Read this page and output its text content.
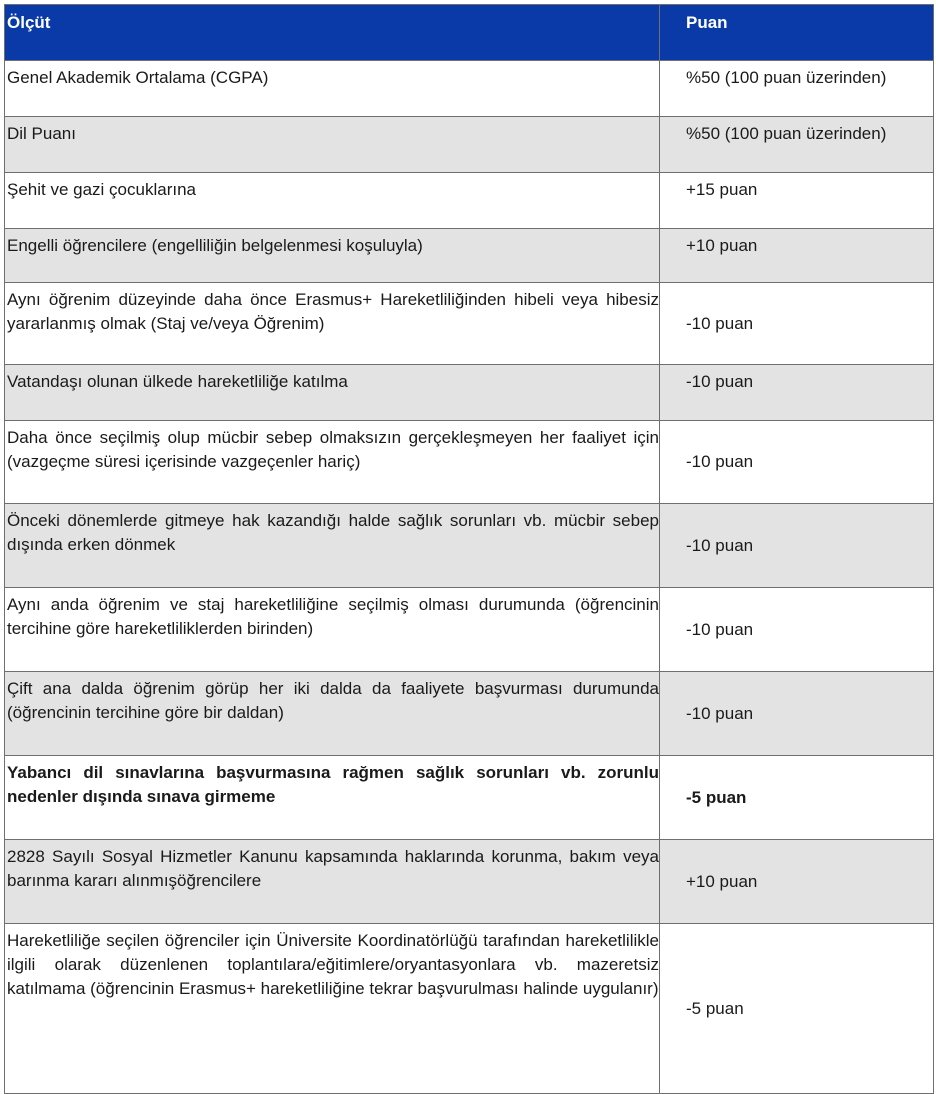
Ölçüt	Puan
Genel Akademik Ortalama (CGPA)	%50 (100 puan üzerinden)
Dil Puanı	%50 (100 puan üzerinden)
Şehit ve gazi çocuklarına	+15 puan
Engelli öğrencilere (engelliliğin belgelenmesi koşuluyla)	+10 puan
Aynı öğrenim düzeyinde daha önce Erasmus+ Hareketliliğinden hibeli veya hibesiz yararlanmış olmak (Staj ve/veya Öğrenim)	-10 puan
Vatandaşı olunan ülkede hareketliliğe katılma	-10 puan
Daha önce seçilmiş olup mücbir sebep olmaksızın gerçekleşmeyen her faaliyet için (vazgeçme süresi içerisinde vazgeçenler hariç)	-10 puan
Önceki dönemlerde gitmeye hak kazandığı halde sağlık sorunları vb. mücbir sebep dışında erken dönmek	-10 puan
Aynı anda öğrenim ve staj hareketliliğine seçilmiş olması durumunda (öğrencinin tercihine göre hareketliliklerden birinden)	-10 puan
Çift ana dalda öğrenim görüp her iki dalda da faaliyete başvurması durumunda (öğrencinin tercihine göre bir daldan)	-10 puan
Yabancı dil sınavlarına başvurmasına rağmen sağlık sorunları vb. zorunlu nedenler dışında sınava girmeme	-5 puan
2828 Sayılı Sosyal Hizmetler Kanunu kapsamında haklarında korunma, bakım veya barınma kararı alınmışöğrencilere	+10 puan
Hareketliliğe seçilen öğrenciler için Üniversite Koordinatörlüğü tarafından hareketlilikle ilgili olarak düzenlenen toplantılara/eğitimlere/oryantasyonlara vb. mazeretsiz katılmama (öğrencinin Erasmus+ hareketliliğine tekrar başvurulması halinde uygulanır)	-5 puan
